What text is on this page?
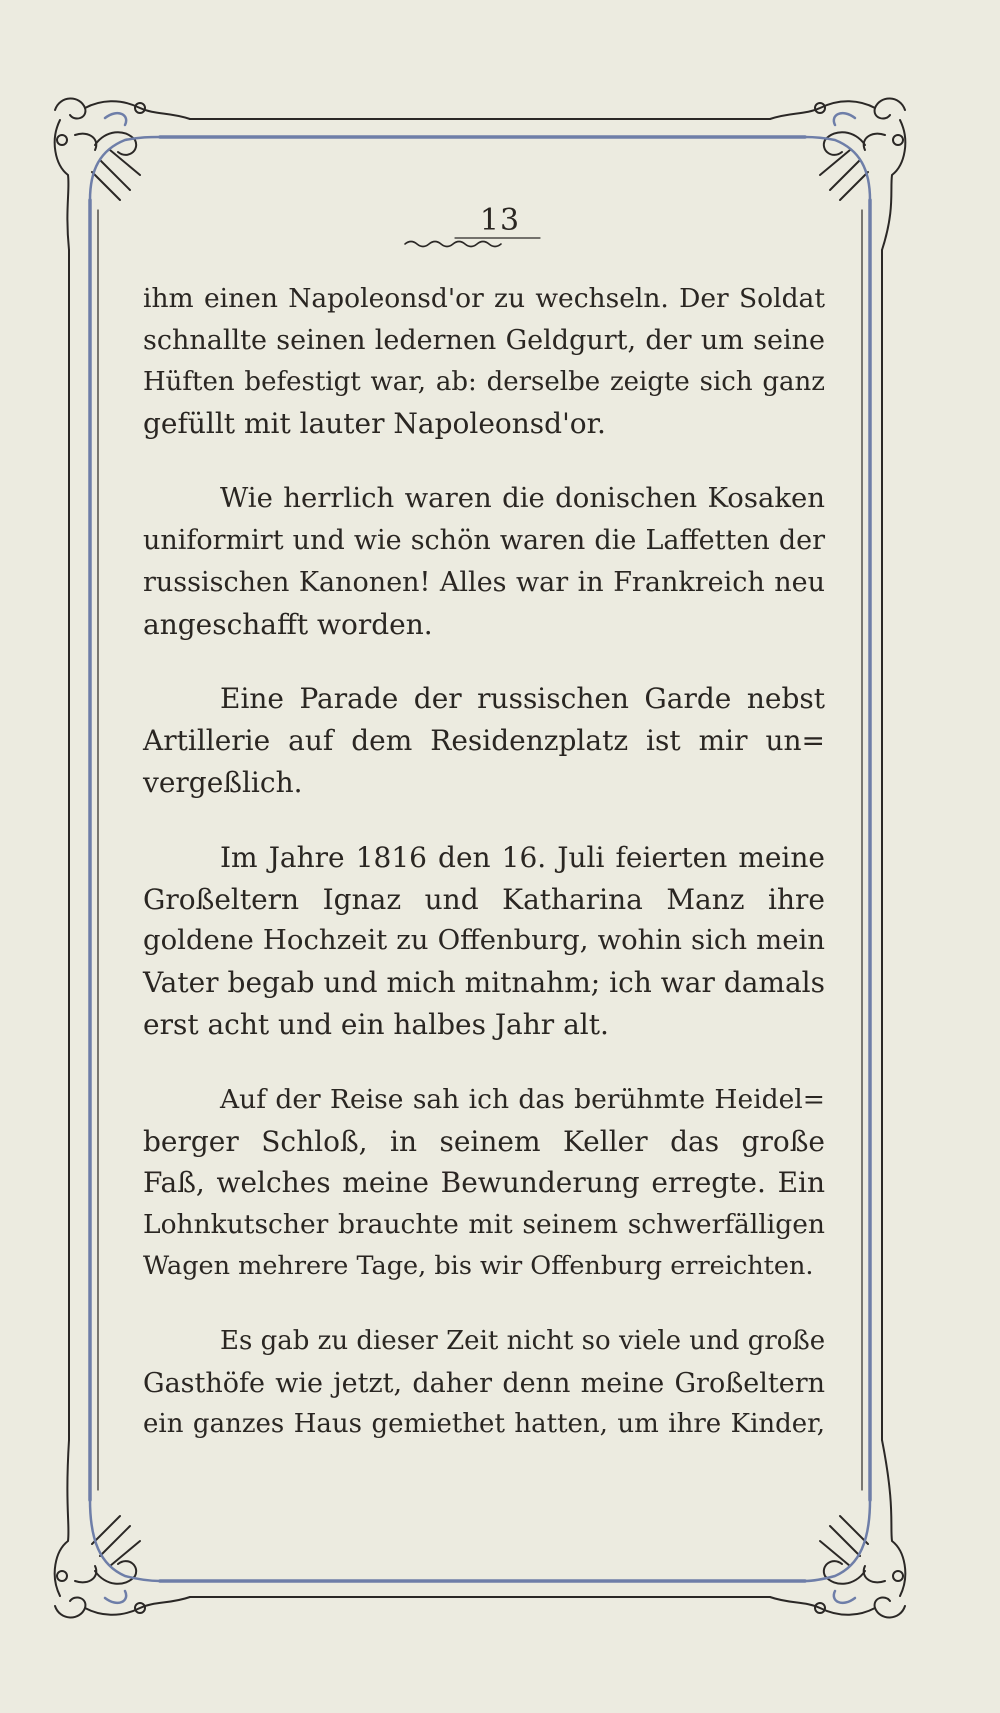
13
ihm einen Napoleonsd'or zu wechseln. Der Soldat
schnallte seinen ledernen Geldgurt, der um seine
Hüften befestigt war, ab: derselbe zeigte sich ganz
gefüllt mit lauter Napoleonsd'or.
Wie herrlich waren die donischen Kosaken
uniformirt und wie schön waren die Laffetten der
russischen Kanonen! Alles war in Frankreich neu
angeschafft worden.
Eine Parade der russischen Garde nebst
Artillerie auf dem Residenzplatz ist mir un=
vergeßlich.
Im Jahre 1816 den 16. Juli feierten meine
Großeltern Ignaz und Katharina Manz ihre
goldene Hochzeit zu Offenburg, wohin sich mein
Vater begab und mich mitnahm; ich war damals
erst acht und ein halbes Jahr alt.
Auf der Reise sah ich das berühmte Heidel=
berger Schloß, in seinem Keller das große
Faß, welches meine Bewunderung erregte. Ein
Lohnkutscher brauchte mit seinem schwerfälligen
Wagen mehrere Tage, bis wir Offenburg erreichten.
Es gab zu dieser Zeit nicht so viele und große
Gasthöfe wie jetzt, daher denn meine Großeltern
ein ganzes Haus gemiethet hatten, um ihre Kinder,
